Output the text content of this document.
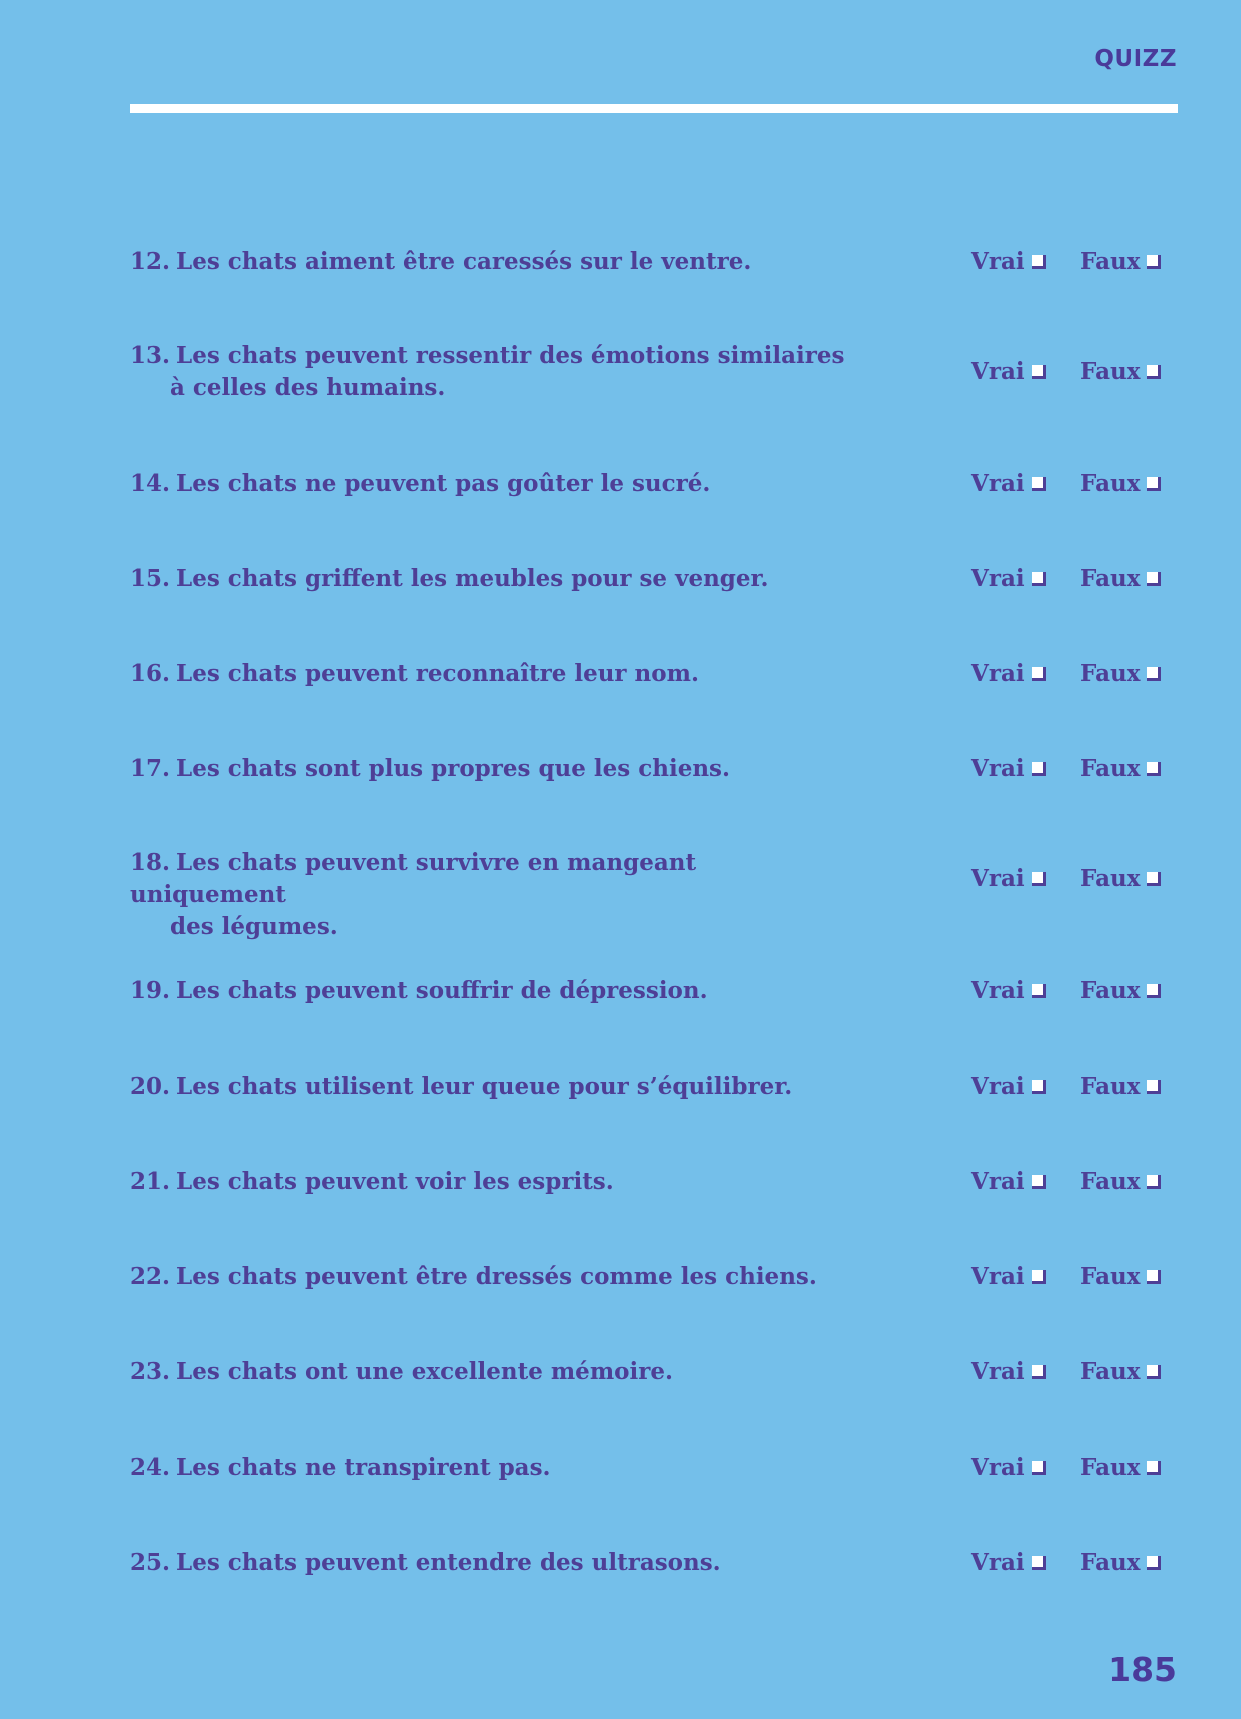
QUIZZ
12. Les chats aiment être caressés sur le ventre.	Vrai Faux
13. Les chats peuvent ressentir des émotions similaires
à celles des humains.
Vrai Faux
14. Les chats ne peuvent pas goûter le sucré.	Vrai Faux
15. Les chats griffent les meubles pour se venger.	Vrai Faux
16. Les chats peuvent reconnaître leur nom.	Vrai Faux
17. Les chats sont plus propres que les chiens.	Vrai Faux
18. Les chats peuvent survivre en mangeant uniquement
des légumes.
Vrai Faux
19. Les chats peuvent souffrir de dépression.	Vrai Faux
20. Les chats utilisent leur queue pour s’équilibrer.	Vrai Faux
21. Les chats peuvent voir les esprits.	Vrai Faux
22. Les chats peuvent être dressés comme les chiens.	Vrai Faux
23. Les chats ont une excellente mémoire.	Vrai Faux
24. Les chats ne transpirent pas.	Vrai Faux
25. Les chats peuvent entendre des ultrasons.	Vrai Faux
185
